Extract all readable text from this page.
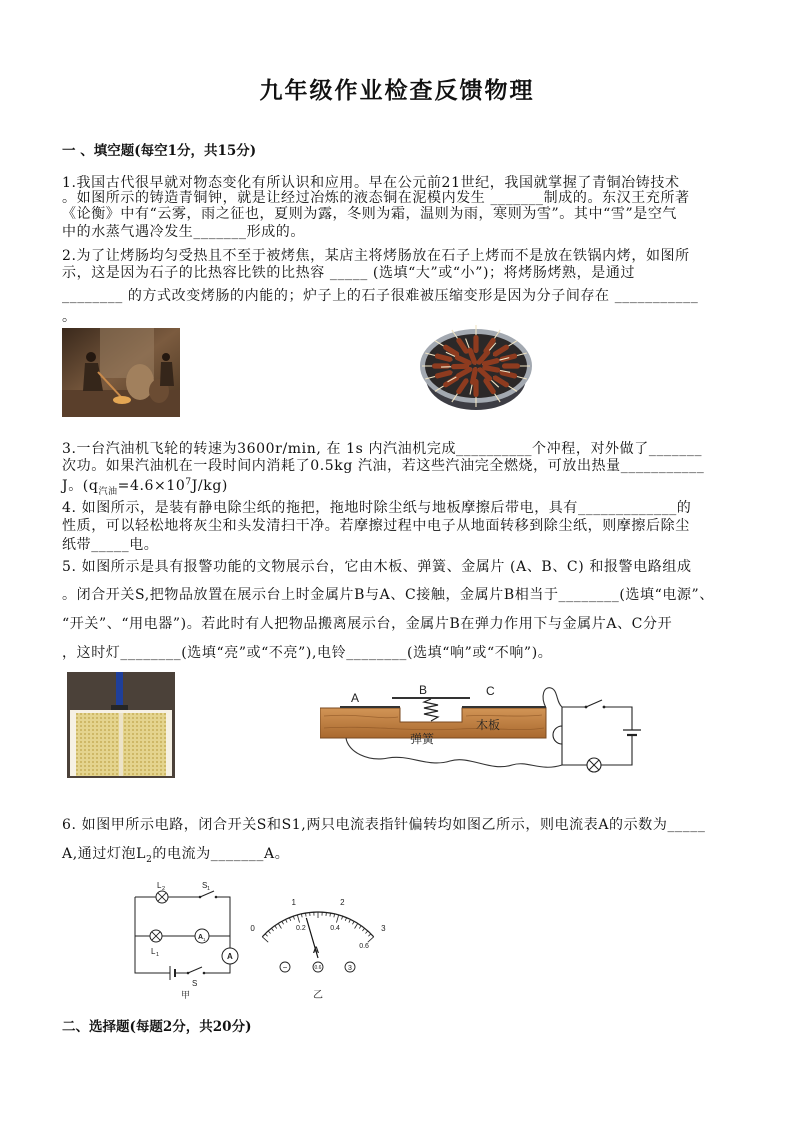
九年级作业检查反馈物理
一 、填空题(每空1分，共15分)
1.我国古代很早就对物态变化有所认识和应用。早在公元前21世纪，我国就掌握了青铜冶铸技术
。如图所示的铸造青铜钟，就是让经过冶炼的液态铜在泥模内发生 _______制成的。东汉王充所著
《论衡》中有“云雾，雨之征也，夏则为露，冬则为霜，温则为雨，寒则为雪”。其中“雪”是空气
中的水蒸气遇冷发生_______形成的。
2.为了让烤肠均匀受热且不至于被烤焦，某店主将烤肠放在石子上烤而不是放在铁锅内烤，如图所
示，这是因为石子的比热容比铁的比热容 _____ (选填“大”或“小”)；将烤肠烤熟，是通过
________ 的方式改变烤肠的内能的；炉子上的石子很难被压缩变形是因为分子间存在 ___________
。
3.一台汽油机飞轮的转速为3600r/min, 在 1s 内汽油机完成__________个冲程，对外做了_______
次功。如果汽油机在一段时间内消耗了0.5kg 汽油，若这些汽油完全燃烧，可放出热量___________
J。$(q_{汽油}=4.6\times 10^7J/kg)$
4. 如图所示，是装有静电除尘纸的拖把，拖地时除尘纸与地板摩擦后带电，具有_____________的
性质，可以轻松地将灰尘和头发清扫干净。若摩擦过程中电子从地面转移到除尘纸，则摩擦后除尘
纸带_____电。
5. 如图所示是具有报警功能的文物展示台，它由木板、弹簧、金属片 (A、B、C) 和报警电路组成
。闭合开关S,把物品放置在展示台上时金属片B与A、C接触，金属片B相当于________(选填“电源”、
“开关”、“用电器”)。若此时有人把物品搬离展示台，金属片B在弹力作用下与金属片A、C分开
，这时灯________(选填“亮”或“不亮”),电铃________(选填“响”或“不响”)。
A
B	C
木板
弹簧
6. 如图甲所示电路，闭合开关S和S1,两只电流表指针偏转均如图乙所示，则电流表A的示数为_____
A,通过灯泡$L_2$的电流为_______A。
L 2	S 1
L 1
A 1
A
S
甲
0
1	2
3
0.2	0.4
0.6
A
−	0.6	3
乙
二、选择题(每题2分，共20分)
